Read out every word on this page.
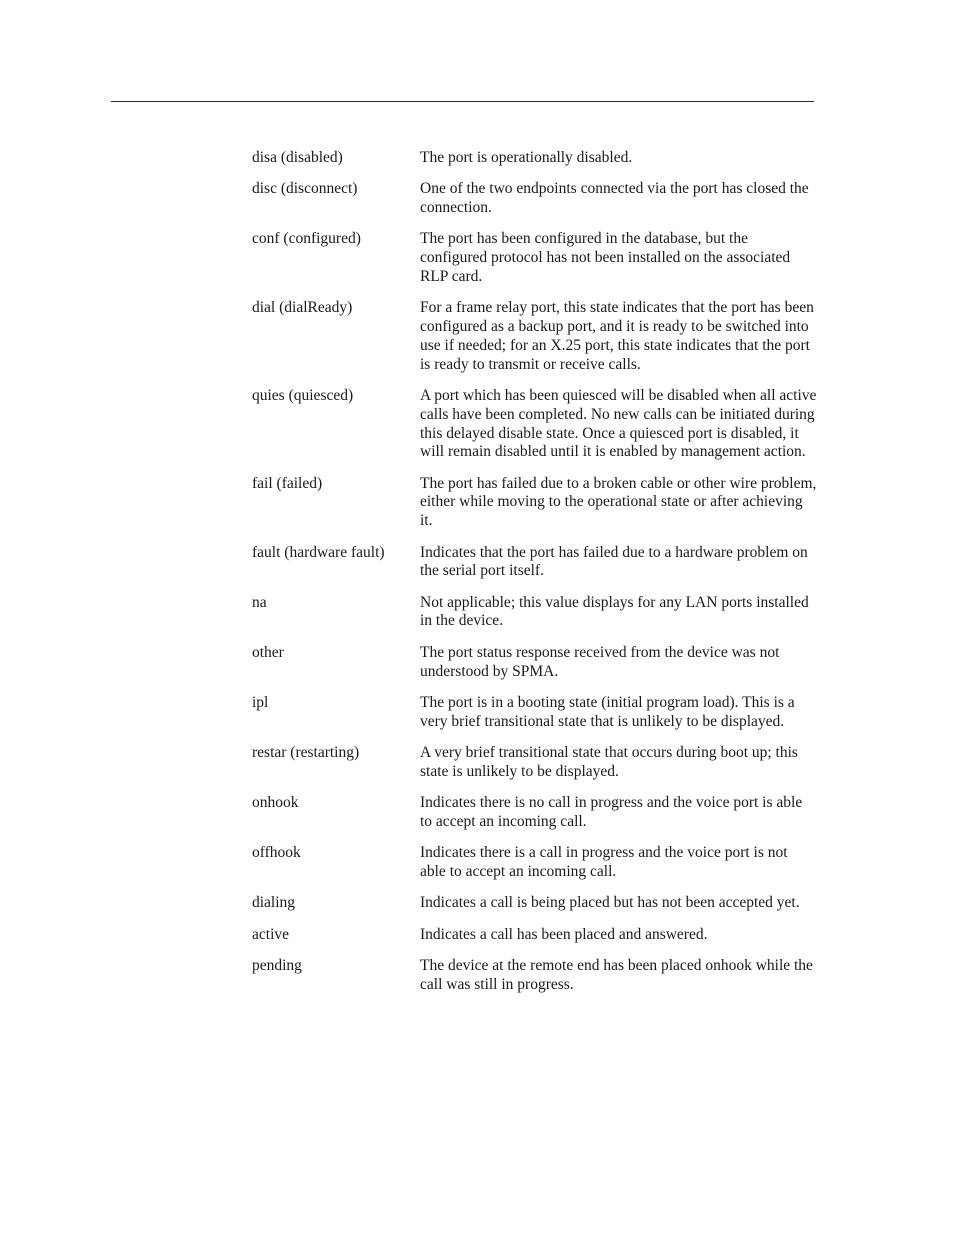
disa (disabled)	The port is operationally disabled.
disc (disconnect)	One of the two endpoints connected via the port has closed the connection.
conf (configured)	The port has been configured in the database, but the configured protocol has not been installed on the associated RLP card.
dial (dialReady)	For a frame relay port, this state indicates that the port has been configured as a backup port, and it is ready to be switched into use if needed; for an X.25 port, this state indicates that the port is ready to transmit or receive calls.
quies (quiesced)	A port which has been quiesced will be disabled when all active calls have been completed. No new calls can be initiated during this delayed disable state. Once a quiesced port is disabled, it will remain disabled until it is enabled by management action.
fail (failed)	The port has failed due to a broken cable or other wire problem, either while moving to the operational state or after achieving it.
fault (hardware fault)	Indicates that the port has failed due to a hardware problem on the serial port itself.
na	Not applicable; this value displays for any LAN ports installed in the device.
other	The port status response received from the device was not understood by SPMA.
ipl	The port is in a booting state (initial program load). This is a very brief transitional state that is unlikely to be displayed.
restar (restarting)	A very brief transitional state that occurs during boot up; this state is unlikely to be displayed.
onhook	Indicates there is no call in progress and the voice port is able to accept an incoming call.
offhook	Indicates there is a call in progress and the voice port is not able to accept an incoming call.
dialing	Indicates a call is being placed but has not been accepted yet.
active	Indicates a call has been placed and answered.
pending	The device at the remote end has been placed onhook while the call was still in progress.
